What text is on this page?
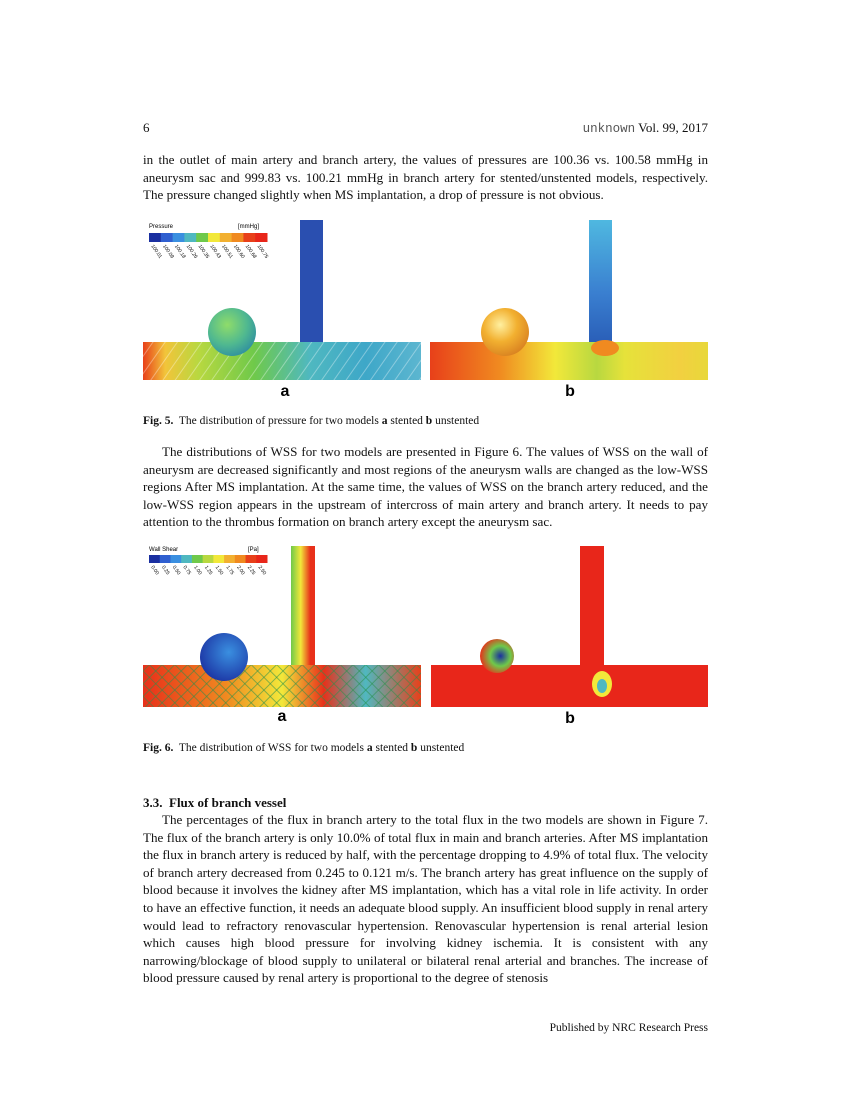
6	unknown Vol. 99, 2017
in the outlet of main artery and branch artery, the values of pressures are 100.36 vs. 100.58 mmHg in aneurysm sac and 999.83 vs. 100.21 mmHg in branch artery for stented/unstented models, respectively. The pressure changed slightly when MS implantation, a drop of pressure is not obvious.
Pressure	[mmHg]
100.01
100.09
100.18
100.26
100.35
100.43
100.51
100.60
100.68
100.75
a	b
Fig. 5. The distribution of pressure for two models a stented b unstented
The distributions of WSS for two models are presented in Figure 6. The values of WSS on the wall of aneurysm are decreased significantly and most regions of the aneurysm walls are changed as the low-WSS regions After MS implantation. At the same time, the values of WSS on the branch artery reduced, and the low-WSS region appears in the upstream of intercross of main artery and branch artery. It needs to pay attention to the thrombus formation on branch artery except the aneurysm sac.
Wall Shear	[Pa]
0.00 0.25 0.50 0.75 1.00 1.25 1.50 1.75 2.00 2.25 2.50
a	b
Fig. 6. The distribution of WSS for two models a stented b unstented
3.3. Flux of branch vessel
The percentages of the flux in branch artery to the total flux in the two models are shown in Figure 7. The flux of the branch artery is only 10.0% of total flux in main and branch arteries. After MS implantation the flux in branch artery is reduced by half, with the percentage dropping to 4.9% of total flux. The velocity of branch artery decreased from 0.245 to 0.121 m/s. The branch artery has great influence on the supply of blood because it involves the kidney after MS implantation, which has a vital role in life activity. In order to have an effective function, it needs an adequate blood supply. An insufficient blood supply in renal artery would lead to refractory renovascular hypertension. Renovascular hypertension is renal arterial lesion which causes high blood pressure for involving kidney ischemia. It is consistent with any narrowing/blockage of blood supply to unilateral or bilateral renal arterial and branches. The increase of blood pressure caused by renal artery is proportional to the degree of stenosis
Published by NRC Research Press
